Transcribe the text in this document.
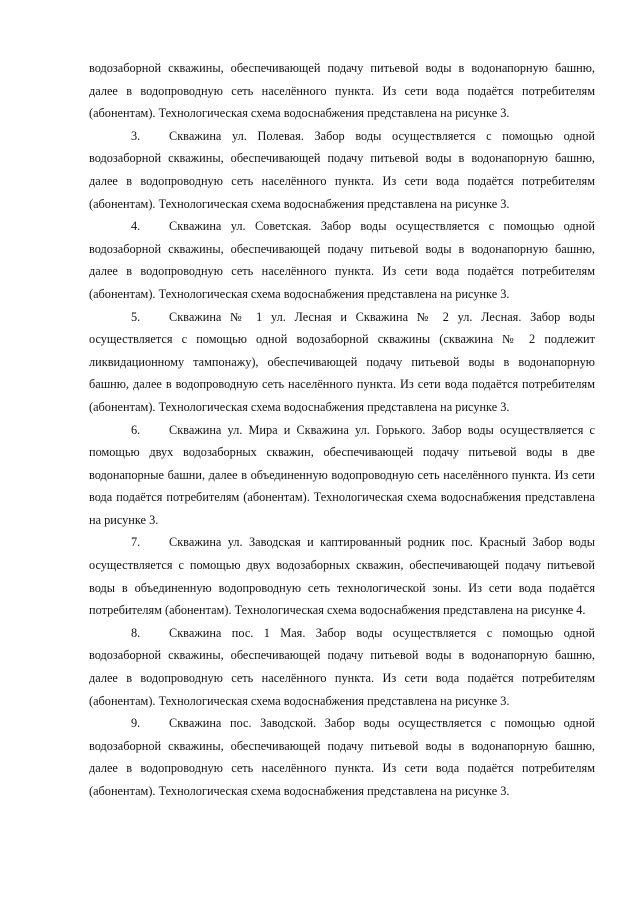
водозаборной скважины, обеспечивающей подачу питьевой воды в водонапорную башню, далее в водопроводную сеть населённого пункта. Из сети вода подаётся потребителям (абонентам). Технологическая схема водоснабжения представлена на рисунке 3.

3. Скважина ул. Полевая. Забор воды осуществляется с помощью одной водозаборной скважины, обеспечивающей подачу питьевой воды в водонапорную башню, далее в водопроводную сеть населённого пункта. Из сети вода подаётся потребителям (абонентам). Технологическая схема водоснабжения представлена на рисунке 3.

4. Скважина ул. Советская. Забор воды осуществляется с помощью одной водозаборной скважины, обеспечивающей подачу питьевой воды в водонапорную башню, далее в водопроводную сеть населённого пункта. Из сети вода подаётся потребителям (абонентам). Технологическая схема водоснабжения представлена на рисунке 3.

5. Скважина № 1 ул. Лесная и Скважина № 2 ул. Лесная. Забор воды осуществляется с помощью одной водозаборной скважины (скважина № 2 подлежит ликвидационному тампонажу), обеспечивающей подачу питьевой воды в водонапорную башню, далее в водопроводную сеть населённого пункта. Из сети вода подаётся потребителям (абонентам). Технологическая схема водоснабжения представлена на рисунке 3.

6. Скважина ул. Мира и Скважина ул. Горького. Забор воды осуществляется с помощью двух водозаборных скважин, обеспечивающей подачу питьевой воды в две водонапорные башни, далее в объединенную водопроводную сеть населённого пункта. Из сети вода подаётся потребителям (абонентам). Технологическая схема водоснабжения представлена на рисунке 3.

7. Скважина ул. Заводская и каптированный родник пос. Красный Забор воды осуществляется с помощью двух водозаборных скважин, обеспечивающей подачу питьевой воды в объединенную водопроводную сеть технологической зоны. Из сети вода подаётся потребителям (абонентам). Технологическая схема водоснабжения представлена на рисунке 4.

8. Скважина пос. 1 Мая. Забор воды осуществляется с помощью одной водозаборной скважины, обеспечивающей подачу питьевой воды в водонапорную башню, далее в водопроводную сеть населённого пункта. Из сети вода подаётся потребителям (абонентам). Технологическая схема водоснабжения представлена на рисунке 3.

9. Скважина пос. Заводской. Забор воды осуществляется с помощью одной водозаборной скважины, обеспечивающей подачу питьевой воды в водонапорную башню, далее в водопроводную сеть населённого пункта. Из сети вода подаётся потребителям (абонентам). Технологическая схема водоснабжения представлена на рисунке 3.
